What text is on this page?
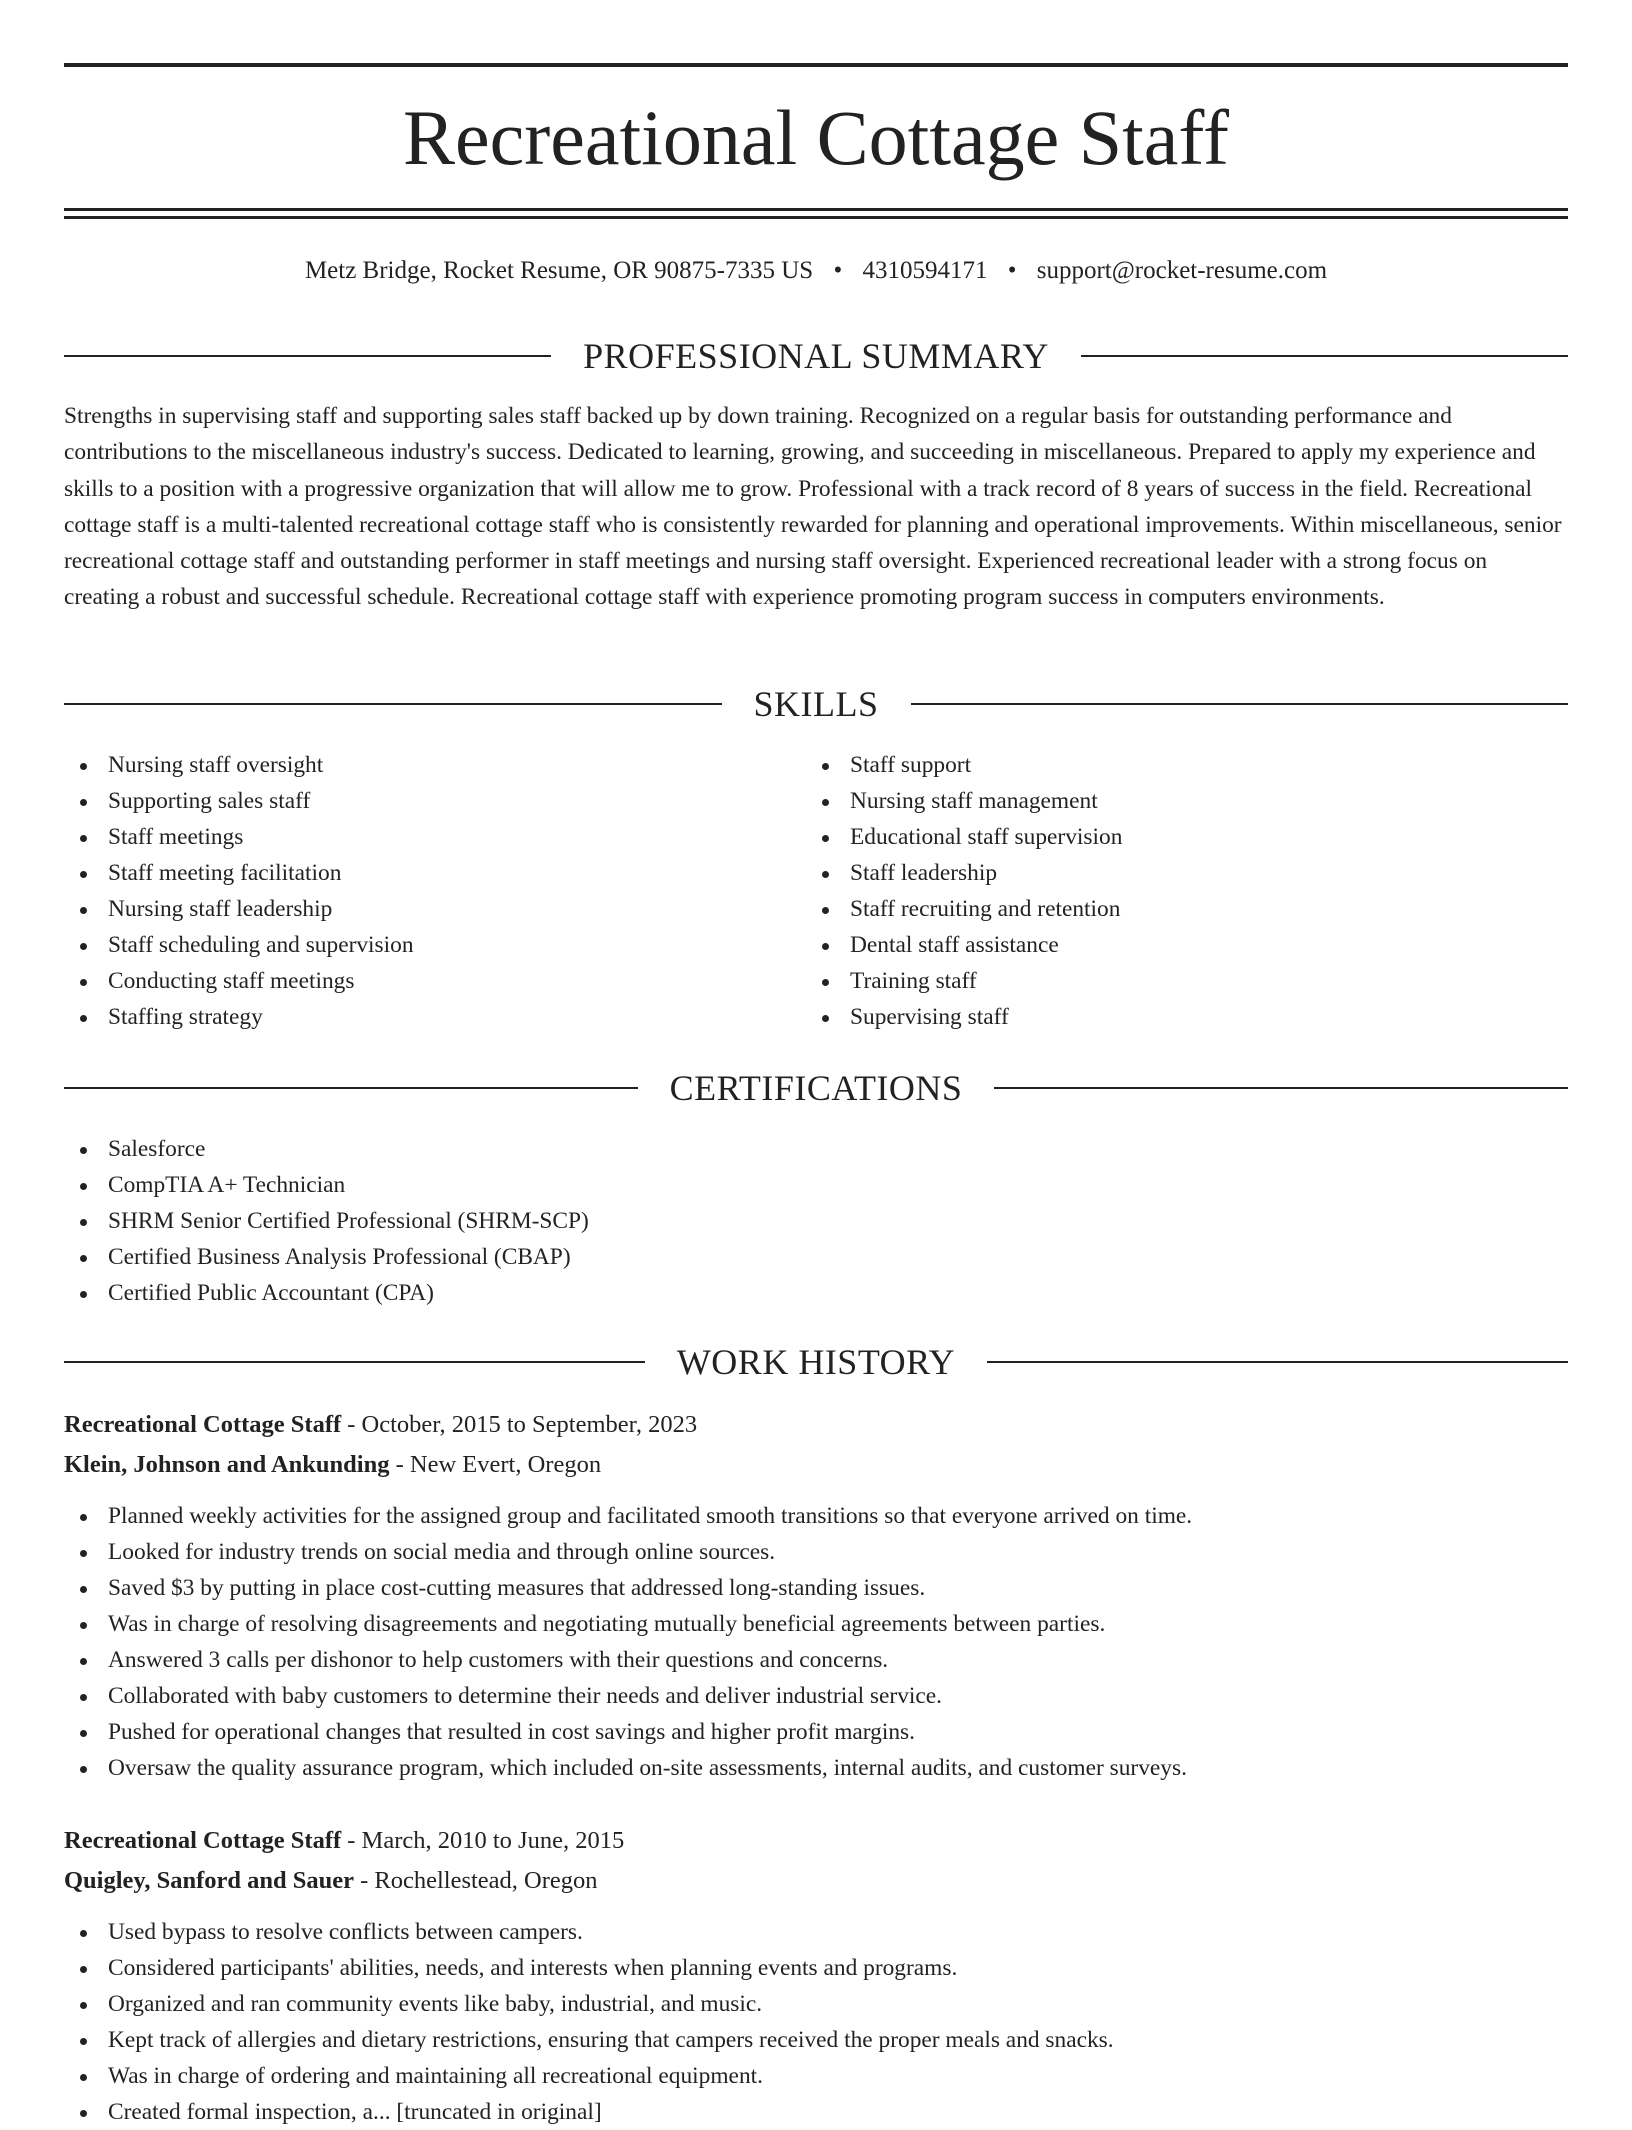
Recreational Cottage Staff
Metz Bridge, Rocket Resume, OR 90875-7335 US • 4310594171 • support@rocket-resume.com
PROFESSIONAL SUMMARY

Strengths in supervising staff and supporting sales staff backed up by down training. Recognized on a regular basis for outstanding performance and contributions to the miscellaneous industry's success. Dedicated to learning, growing, and succeeding in miscellaneous. Prepared to apply my experience and skills to a position with a progressive organization that will allow me to grow. Professional with a track record of 8 years of success in the field. Recreational cottage staff is a multi-talented recreational cottage staff who is consistently rewarded for planning and operational improvements. Within miscellaneous, senior recreational cottage staff and outstanding performer in staff meetings and nursing staff oversight. Experienced recreational leader with a strong focus on creating a robust and successful schedule. Recreational cottage staff with experience promoting program success in computers environments.

SKILLS
Nursing staff oversight
Supporting sales staff
Staff meetings
Staff meeting facilitation
Nursing staff leadership
Staff scheduling and supervision
Conducting staff meetings
Staffing strategy
Staff support
Nursing staff management
Educational staff supervision
Staff leadership
Staff recruiting and retention
Dental staff assistance
Training staff
Supervising staff
CERTIFICATIONS
Salesforce
CompTIA A+ Technician
SHRM Senior Certified Professional (SHRM-SCP)
Certified Business Analysis Professional (CBAP)
Certified Public Accountant (CPA)
WORK HISTORY
Recreational Cottage Staff - October, 2015 to September, 2023
Klein, Johnson and Ankunding - New Evert, Oregon
Planned weekly activities for the assigned group and facilitated smooth transitions so that everyone arrived on time.
Looked for industry trends on social media and through online sources.
Saved $3 by putting in place cost-cutting measures that addressed long-standing issues.
Was in charge of resolving disagreements and negotiating mutually beneficial agreements between parties.
Answered 3 calls per dishonor to help customers with their questions and concerns.
Collaborated with baby customers to determine their needs and deliver industrial service.
Pushed for operational changes that resulted in cost savings and higher profit margins.
Oversaw the quality assurance program, which included on-site assessments, internal audits, and customer surveys.
Recreational Cottage Staff - March, 2010 to June, 2015
Quigley, Sanford and Sauer - Rochellestead, Oregon
Used bypass to resolve conflicts between campers.
Considered participants' abilities, needs, and interests when planning events and programs.
Organized and ran community events like baby, industrial, and music.
Kept track of allergies and dietary restrictions, ensuring that campers received the proper meals and snacks.
Was in charge of ordering and maintaining all recreational equipment.
Created formal inspection, a... [truncated in original]
